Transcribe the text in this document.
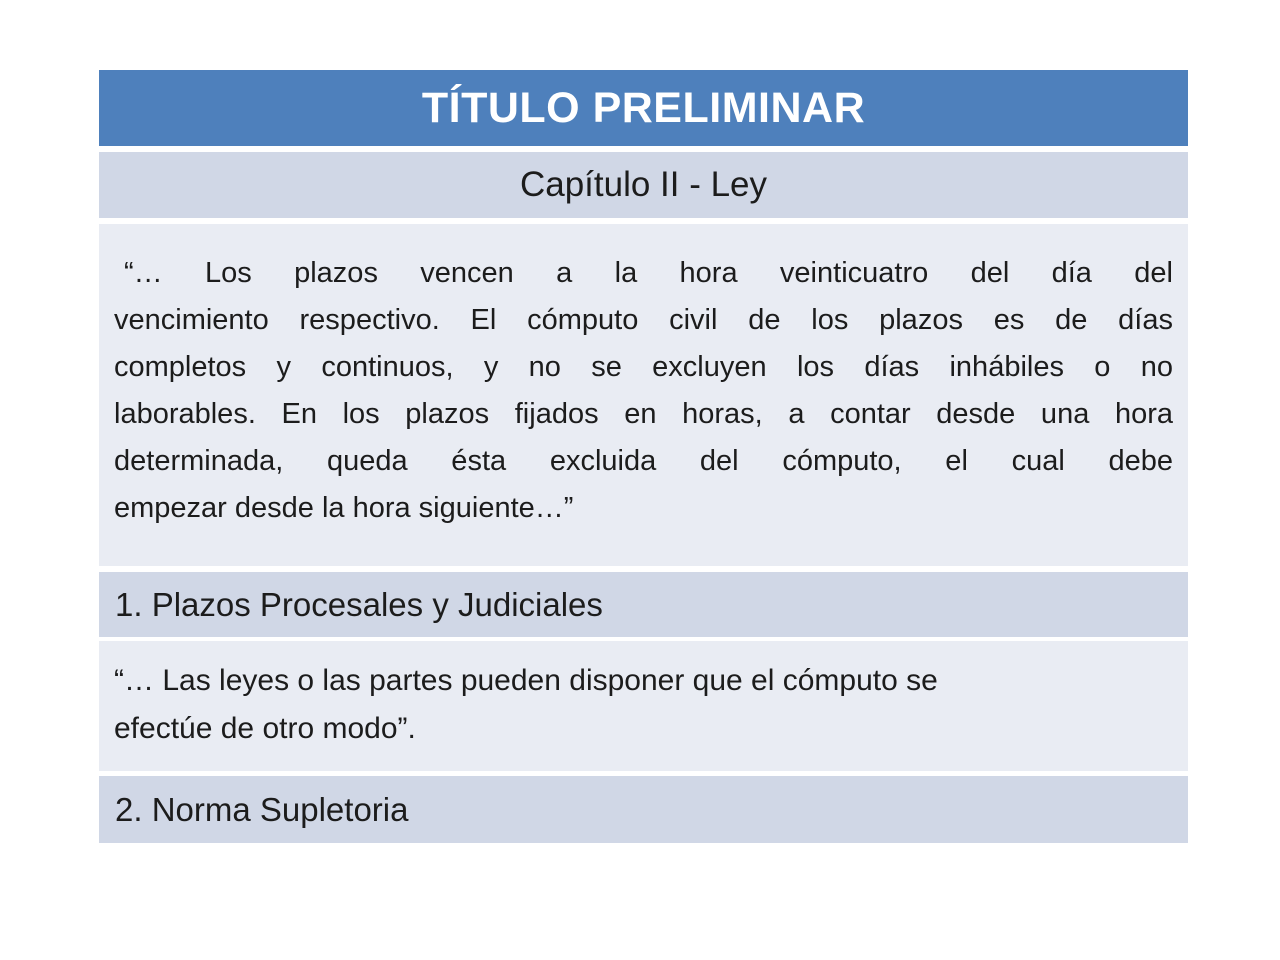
TÍTULO PRELIMINAR
Capítulo II - Ley
“… Los plazos vencen a la hora veinticuatro del día del
vencimiento respectivo. El cómputo civil de los plazos es de días
completos y continuos, y no se excluyen los días inhábiles o no
laborables. En los plazos fijados en horas, a contar desde una hora
determinada, queda ésta excluida del cómputo, el cual debe
empezar desde la hora siguiente…”
1. Plazos Procesales y Judiciales
“… Las leyes o las partes pueden disponer que el cómputo se
efectúe de otro modo”.
2. Norma Supletoria
